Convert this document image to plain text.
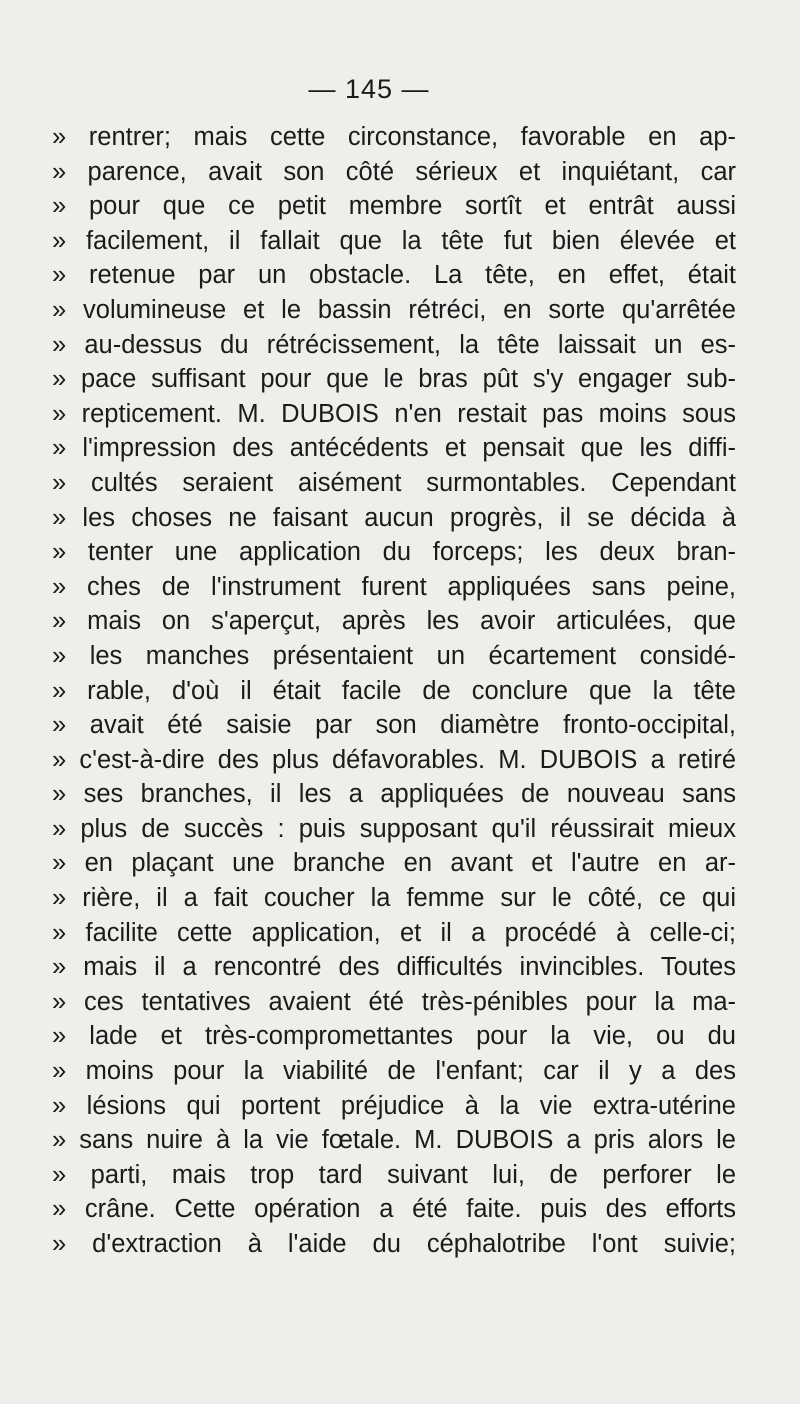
— 145 —
» rentrer; mais cette circonstance, favorable en ap-
» parence, avait son côté sérieux et inquiétant, car
» pour que ce petit membre sortît et entrât aussi
» facilement, il fallait que la tête fut bien élevée et
» retenue par un obstacle. La tête, en effet, était
» volumineuse et le bassin rétréci, en sorte qu'arrêtée
» au-dessus du rétrécissement, la tête laissait un es-
» pace suffisant pour que le bras pût s'y engager sub-
» repticement. M. DUBOIS n'en restait pas moins sous
» l'impression des antécédents et pensait que les diffi-
» cultés seraient aisément surmontables. Cependant
» les choses ne faisant aucun progrès, il se décida à
» tenter une application du forceps; les deux bran-
» ches de l'instrument furent appliquées sans peine,
» mais on s'aperçut, après les avoir articulées, que
» les manches présentaient un écartement considé-
» rable, d'où il était facile de conclure que la tête
» avait été saisie par son diamètre fronto-occipital,
» c'est-à-dire des plus défavorables. M. DUBOIS a retiré
» ses branches, il les a appliquées de nouveau sans
» plus de succès : puis supposant qu'il réussirait mieux
» en plaçant une branche en avant et l'autre en ar-
» rière, il a fait coucher la femme sur le côté, ce qui
» facilite cette application, et il a procédé à celle-ci;
» mais il a rencontré des difficultés invincibles. Toutes
» ces tentatives avaient été très-pénibles pour la ma-
» lade et très-compromettantes pour la vie, ou du
» moins pour la viabilité de l'enfant; car il y a des
» lésions qui portent préjudice à la vie extra-utérine
» sans nuire à la vie fœtale. M. DUBOIS a pris alors le
» parti, mais trop tard suivant lui, de perforer le
» crâne. Cette opération a été faite. puis des efforts
» d'extraction à l'aide du céphalotribe l'ont suivie;
